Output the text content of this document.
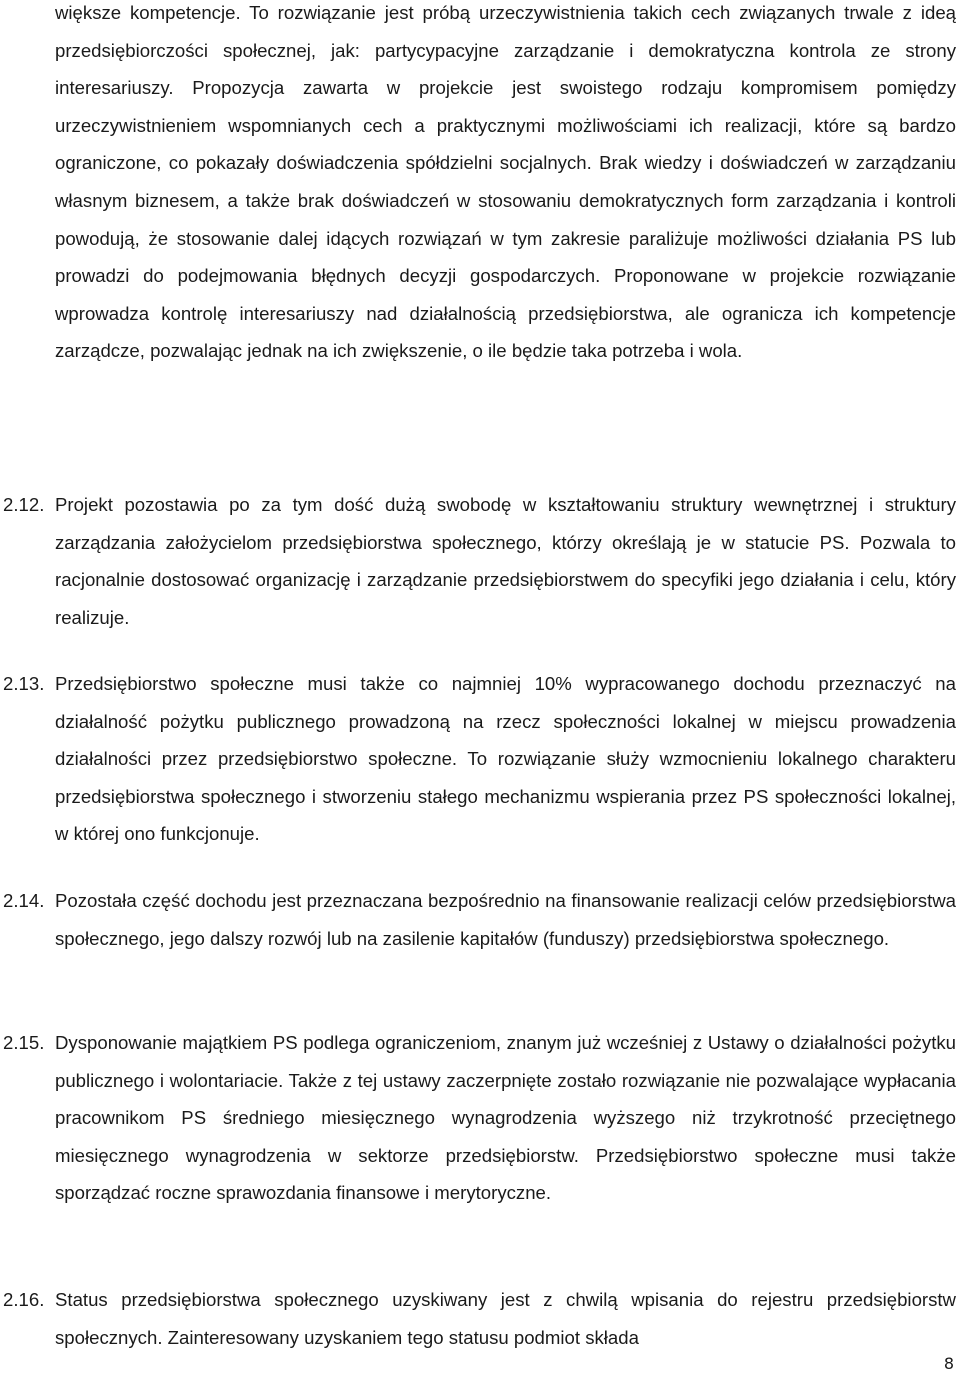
większe kompetencje. To rozwiązanie jest próbą urzeczywistnienia takich cech związanych trwale z ideą przedsiębiorczości społecznej, jak: partycypacyjne zarządzanie i demokratyczna kontrola ze strony interesariuszy. Propozycja zawarta w projekcie jest swoistego rodzaju kompromisem pomiędzy urzeczywistnieniem wspomnianych cech a praktycznymi możliwościami ich realizacji, które są bardzo ograniczone, co pokazały doświadczenia spółdzielni socjalnych. Brak wiedzy i doświadczeń w zarządzaniu własnym biznesem, a także brak doświadczeń w stosowaniu demokratycznych form zarządzania i kontroli powodują, że stosowanie dalej idących rozwiązań w tym zakresie paraliżuje możliwości działania PS lub prowadzi do podejmowania błędnych decyzji gospodarczych. Proponowane w projekcie rozwiązanie wprowadza kontrolę interesariuszy nad działalnością przedsiębiorstwa, ale ogranicza ich kompetencje zarządcze, pozwalając jednak na ich zwiększenie, o ile będzie taka potrzeba i wola.

2.12. Projekt pozostawia po za tym dość dużą swobodę w kształtowaniu struktury wewnętrznej i struktury zarządzania założycielom przedsiębiorstwa społecznego, którzy określają je w statucie PS. Pozwala to racjonalnie dostosować organizację i zarządzanie przedsiębiorstwem do specyfiki jego działania i celu, który realizuje.
2.13. Przedsiębiorstwo społeczne musi także co najmniej 10% wypracowanego dochodu przeznaczyć na działalność pożytku publicznego prowadzoną na rzecz społeczności lokalnej w miejscu prowadzenia działalności przez przedsiębiorstwo społeczne. To rozwiązanie służy wzmocnieniu lokalnego charakteru przedsiębiorstwa społecznego i stworzeniu stałego mechanizmu wspierania przez PS społeczności lokalnej, w której ono funkcjonuje.
2.14. Pozostała część dochodu jest przeznaczana bezpośrednio na finansowanie realizacji celów przedsiębiorstwa społecznego, jego dalszy rozwój lub na zasilenie kapitałów (funduszy) przedsiębiorstwa społecznego.
2.15. Dysponowanie majątkiem PS podlega ograniczeniom, znanym już wcześniej z Ustawy o działalności pożytku publicznego i wolontariacie. Także z tej ustawy zaczerpnięte zostało rozwiązanie nie pozwalające wypłacania pracownikom PS średniego miesięcznego wynagrodzenia wyższego niż trzykrotność przeciętnego miesięcznego wynagrodzenia w sektorze przedsiębiorstw. Przedsiębiorstwo społeczne musi także sporządzać roczne sprawozdania finansowe i merytoryczne.
2.16. Status przedsiębiorstwa społecznego uzyskiwany jest z chwilą wpisania do rejestru przedsiębiorstw społecznych. Zainteresowany uzyskaniem tego statusu podmiot składa
8
